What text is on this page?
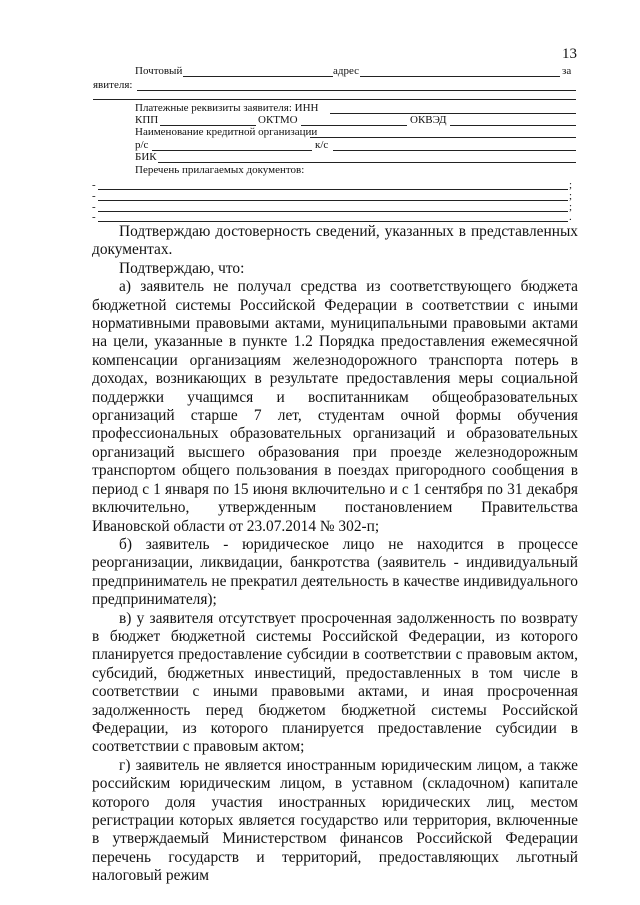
13
Почтовый	адрес	за
явителя:
Платежные реквизиты заявителя: ИНН
КПП	ОКТМО	ОКВЭД
Наименование кредитной организации
р/с	к/с
БИК
Перечень прилагаемых документов:
-	;
-	;
-	;
-	.

Подтверждаю достоверность сведений, указанных в представленных документах.

Подтверждаю, что:

а) заявитель не получал средства из соответствующего бюджета бюджетной системы Российской Федерации в соответствии с иными нормативными правовыми актами, муниципальными правовыми актами на цели, указанные в пункте 1.2 Порядка предоставления ежемесячной компенсации организациям железнодорожного транспорта потерь в доходах, возникающих в результате предоставления меры социальной поддержки учащимся и воспитанникам общеобразовательных организаций старше 7 лет, студентам очной формы обучения профессиональных образовательных организаций и образовательных организаций высшего образования при проезде железнодорожным транспортом общего пользования в поездах пригородного сообщения в период с 1 января по 15 июня включительно и с 1 сентября по 31 декабря включительно, утвержденным постановлением Правительства Ивановской области от 23.07.2014 № 302-п;

б) заявитель - юридическое лицо не находится в процессе реорганизации, ликвидации, банкротства (заявитель - индивидуальный предприниматель не прекратил деятельность в качестве индивидуального предпринимателя);

в) у заявителя отсутствует просроченная задолженность по возврату в бюджет бюджетной системы Российской Федерации, из которого планируется предоставление субсидии в соответствии с правовым актом, субсидий, бюджетных инвестиций, предоставленных в том числе в соответствии с иными правовыми актами, и иная просроченная задолженность перед бюджетом бюджетной системы Российской Федерации, из которого планируется предоставление субсидии в соответствии с правовым актом;

г) заявитель не является иностранным юридическим лицом, а также российским юридическим лицом, в уставном (складочном) капитале которого доля участия иностранных юридических лиц, местом регистрации которых является государство или территория, включенные в утверждаемый Министерством финансов Российской Федерации перечень государств и территорий, предоставляющих льготный налоговый режим
